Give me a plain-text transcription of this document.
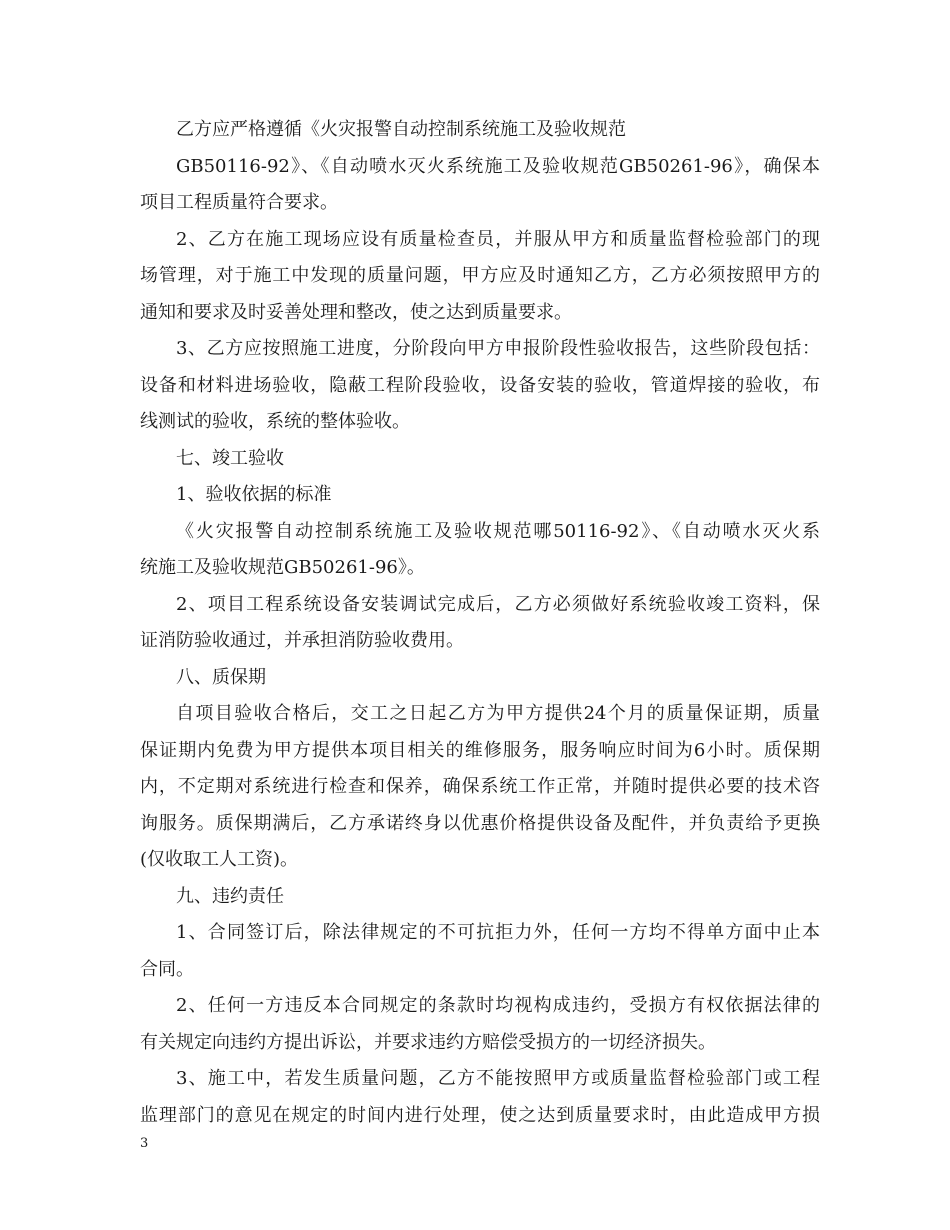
乙方应严格遵循《火灾报警自动控制系统施工及验收规范
GB50116-92》、《自动喷水灭火系统施工及验收规范GB50261-96》，确保本
项目工程质量符合要求。
2、乙方在施工现场应设有质量检查员，并服从甲方和质量监督检验部门的现
场管理，对于施工中发现的质量问题，甲方应及时通知乙方，乙方必须按照甲方的
通知和要求及时妥善处理和整改，使之达到质量要求。
3、乙方应按照施工进度，分阶段向甲方申报阶段性验收报告，这些阶段包括：
设备和材料进场验收，隐蔽工程阶段验收，设备安装的验收，管道焊接的验收，布
线测试的验收，系统的整体验收。
七、竣工验收
1、验收依据的标准
《火灾报警自动控制系统施工及验收规范哪50116-92》、《自动喷水灭火系
统施工及验收规范GB50261-96》。
2、项目工程系统设备安装调试完成后，乙方必须做好系统验收竣工资料，保
证消防验收通过，并承担消防验收费用。
八、质保期
自项目验收合格后，交工之日起乙方为甲方提供24个月的质量保证期，质量
保证期内免费为甲方提供本项目相关的维修服务，服务响应时间为6小时。质保期
内，不定期对系统进行检查和保养，确保系统工作正常，并随时提供必要的技术咨
询服务。质保期满后，乙方承诺终身以优惠价格提供设备及配件，并负责给予更换
(仅收取工人工资)。
九、违约责任
1、合同签订后，除法律规定的不可抗拒力外，任何一方均不得单方面中止本
合同。
2、任何一方违反本合同规定的条款时均视构成违约，受损方有权依据法律的
有关规定向违约方提出诉讼，并要求违约方赔偿受损方的一切经济损失。
3、施工中，若发生质量问题，乙方不能按照甲方或质量监督检验部门或工程
监理部门的意见在规定的时间内进行处理，使之达到质量要求时，由此造成甲方损
3
